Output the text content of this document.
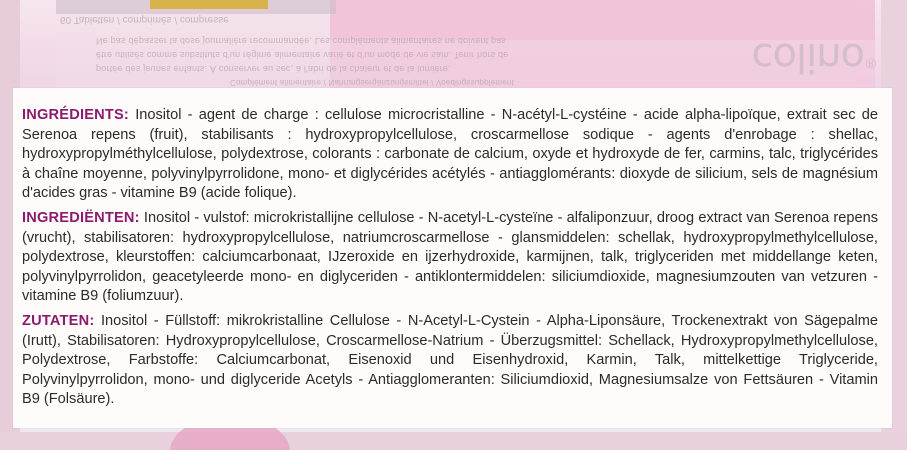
60 Tabletten / comprimés / compresse
Ne pas dépasser la dose journalière recommandée. Les compléments alimentaires ne doivent pas
être utilisés comme substituts d'un régime alimentaire varié et d'un mode de vie sain. Tenir hors de
portée des jeunes enfants. À conserver au sec, à l'abri de la chaleur et de la lumière.
Complément alimentaire / Nahrungsergänzungsmittel / Voedingssupplement
colino®
INGRÉDIENTS: Inositol - agent de charge : cellulose microcristalline - N-acétyl-L-cystéine - acide alpha-lipoïque, extrait sec de Serenoa repens (fruit), stabilisants : hydroxypropylcellulose, croscarmellose sodique - agents d'enrobage : shellac, hydroxypropylméthylcellulose, polydextrose, colorants : carbonate de calcium, oxyde et hydroxyde de fer, carmins, talc, triglycérides à chaîne moyenne, polyvinylpyrrolidone, mono- et diglycérides acétylés - antiagglomérants: dioxyde de silicium, sels de magnésium d'acides gras - vitamine B9 (acide folique).
INGREDIËNTEN: Inositol - vulstof: microkristallijne cellulose - N-acetyl-L-cysteïne - alfaliponzuur, droog extract van Serenoa repens (vrucht), stabilisatoren: hydroxypropylcellulose, natriumcroscarmellose - glansmiddelen: schellak, hydroxypropylmethylcellulose, polydextrose, kleurstoffen: calciumcarbonaat, IJzeroxide en ijzerhydroxide, karmijnen, talk, triglyceriden met middellange keten, polyvinylpyrrolidon, geacetyleerde mono- en diglyceriden - antiklontermiddelen: siliciumdioxide, magnesiumzouten van vetzuren - vitamine B9 (foliumzuur).
ZUTATEN: Inositol - Füllstoff: mikrokristalline Cellulose - N-Acetyl-L-Cystein - Alpha-Liponsäure, Trockenextrakt von Sägepalme (Irutt), Stabilisatoren: Hydroxypropylcellulose, Croscarmellose-Natrium - Überzugsmittel: Schellack, Hydroxypropylmethylcellulose, Polydextrose, Farbstoffe: Calciumcarbonat, Eisenoxid und Eisenhydroxid, Karmin, Talk, mittelkettige Triglyceride, Polyvinylpyrrolidon, mono- und diglyceride Acetyls - Antiagglomeranten: Siliciumdioxid, Magnesiumsalze von Fettsäuren - Vitamin B9 (Folsäure).
